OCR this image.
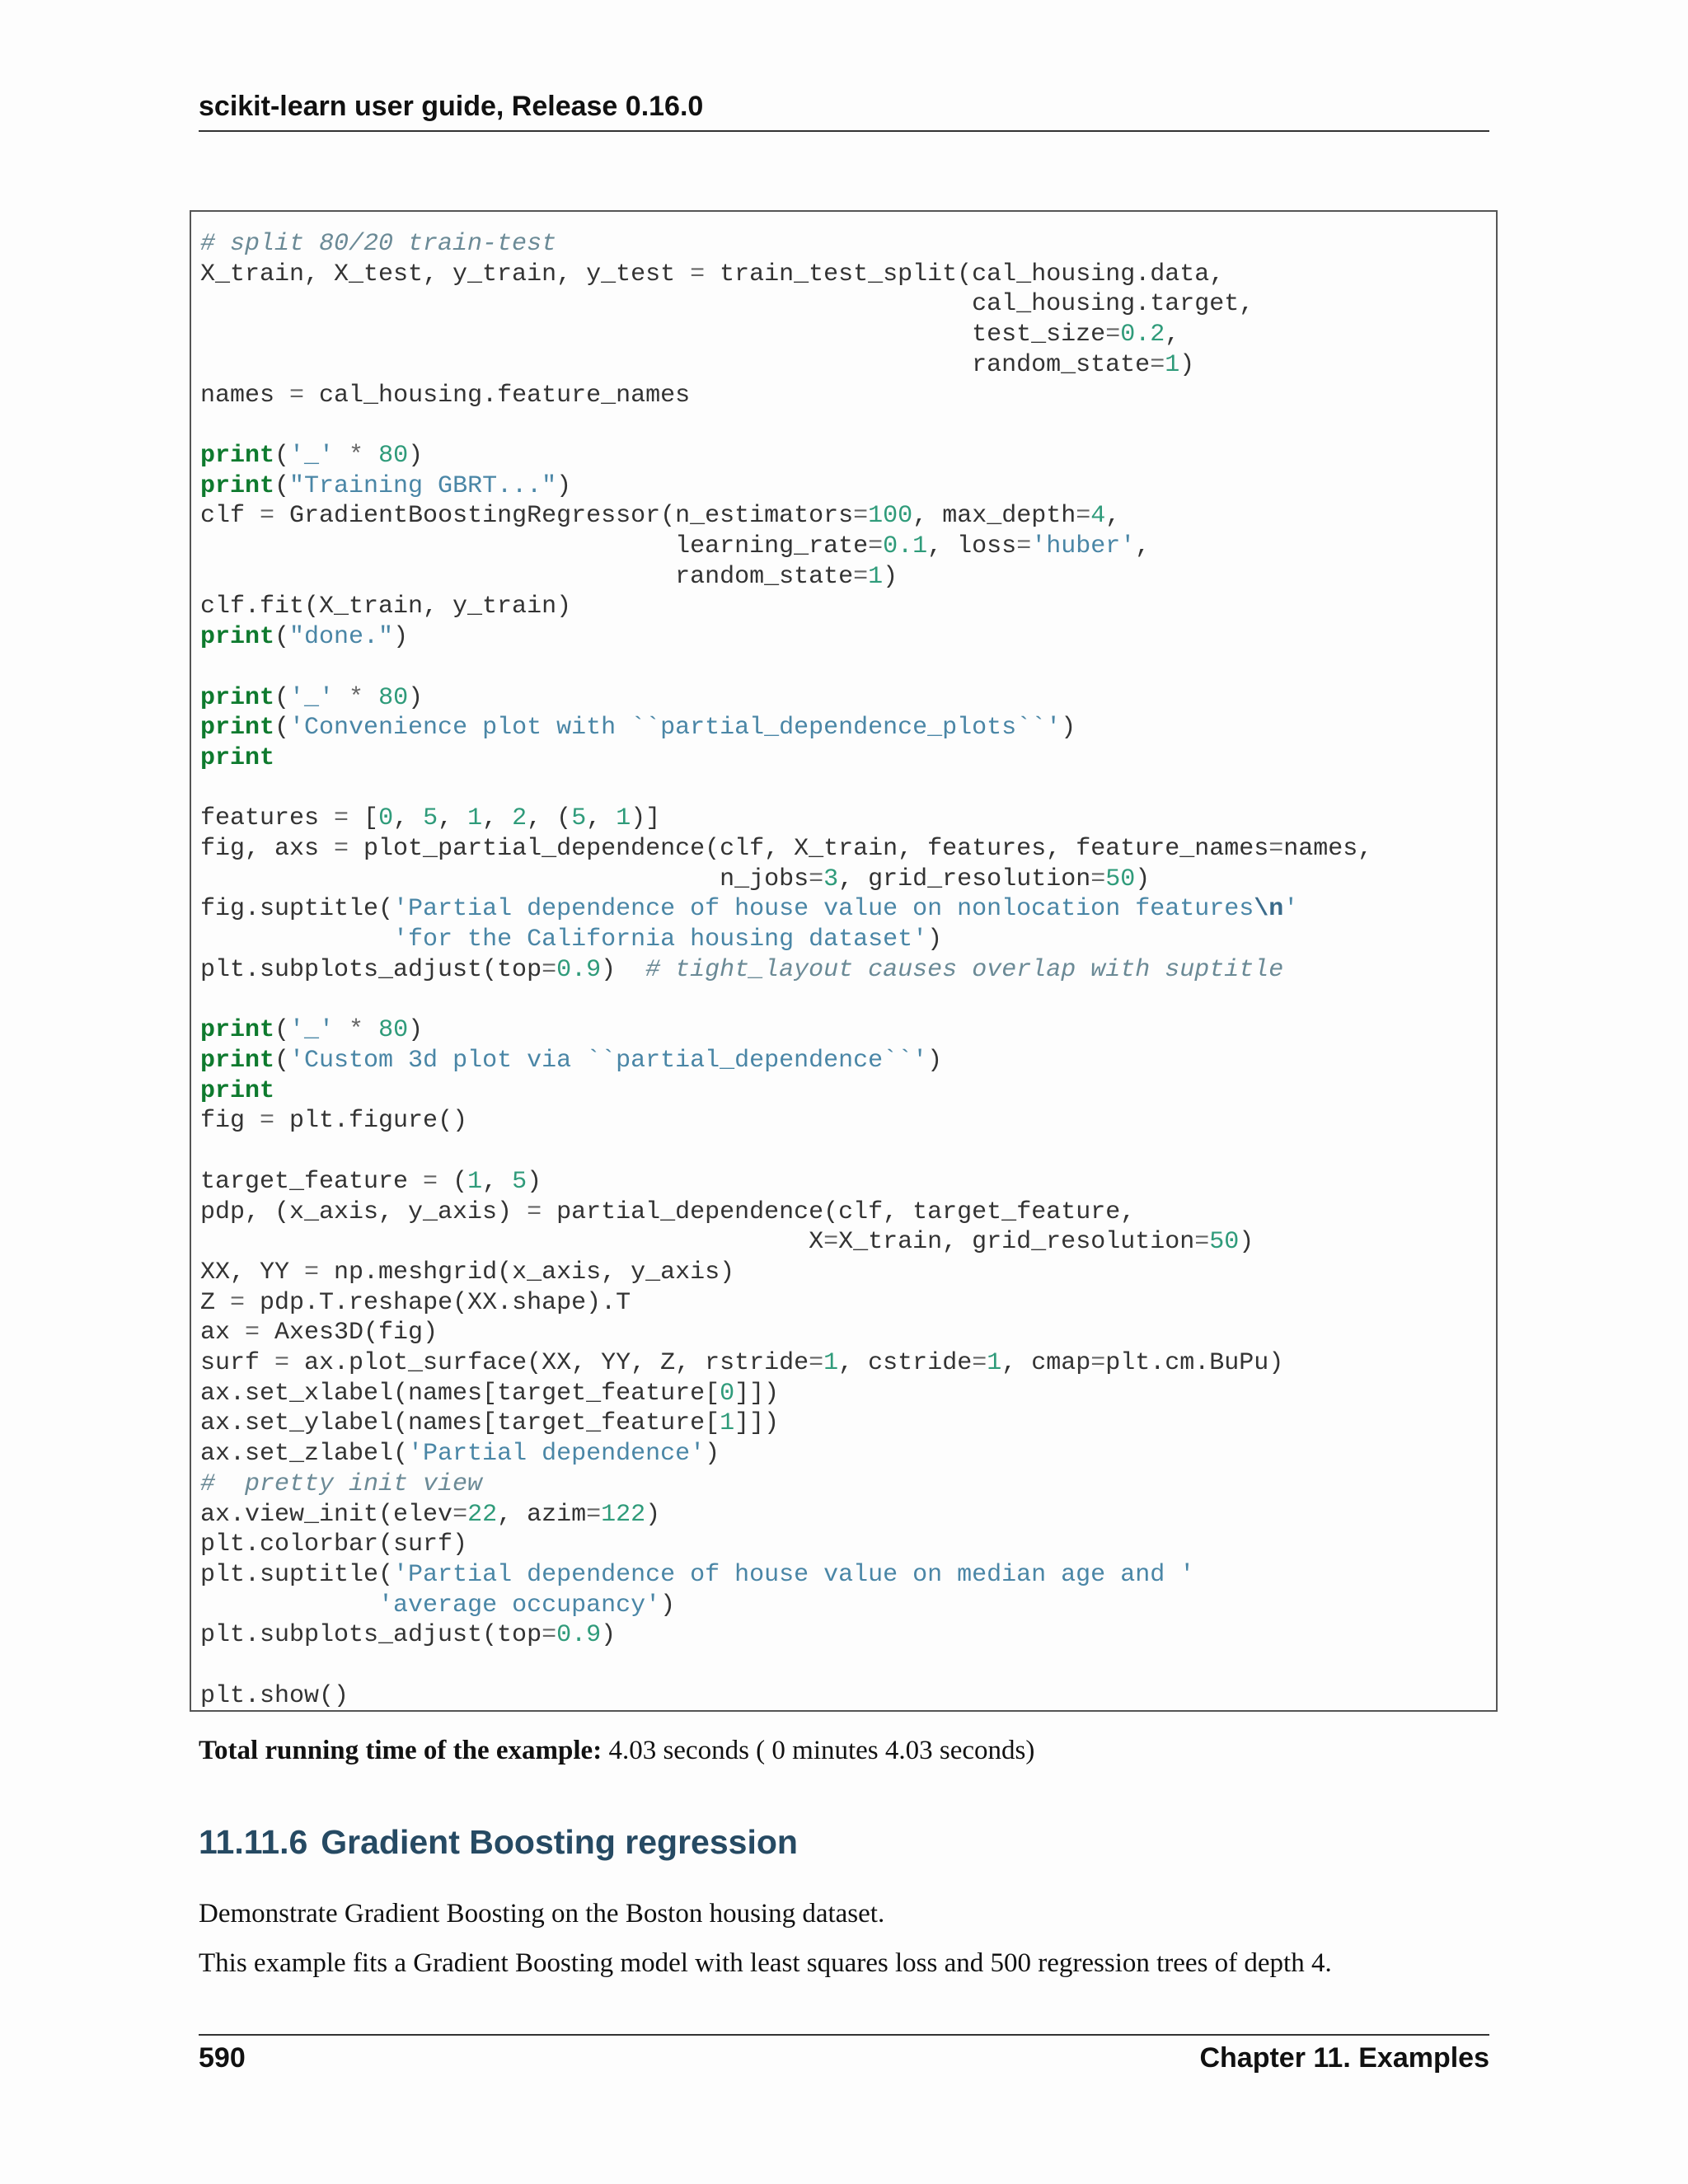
scikit-learn user guide, Release 0.16.0
# split 80/20 train-test
X_train, X_test, y_train, y_test = train_test_split(cal_housing.data,
cal_housing.target,
test_size=0.2,
random_state=1)
names = cal_housing.feature_names

print('_' * 80)
print("Training GBRT...")
clf = GradientBoostingRegressor(n_estimators=100, max_depth=4,
learning_rate=0.1, loss='huber',
random_state=1)
clf.fit(X_train, y_train)
print("done.")

print('_' * 80)
print('Convenience plot with ``partial_dependence_plots``')
print

features = [0, 5, 1, 2, (5, 1)]
fig, axs = plot_partial_dependence(clf, X_train, features, feature_names=names,
n_jobs=3, grid_resolution=50)
fig.suptitle('Partial dependence of house value on nonlocation features\n'
'for the California housing dataset')
plt.subplots_adjust(top=0.9)  # tight_layout causes overlap with suptitle

print('_' * 80)
print('Custom 3d plot via ``partial_dependence``')
print
fig = plt.figure()

target_feature = (1, 5)
pdp, (x_axis, y_axis) = partial_dependence(clf, target_feature,
X=X_train, grid_resolution=50)
XX, YY = np.meshgrid(x_axis, y_axis)
Z = pdp.T.reshape(XX.shape).T
ax = Axes3D(fig)
surf = ax.plot_surface(XX, YY, Z, rstride=1, cstride=1, cmap=plt.cm.BuPu)
ax.set_xlabel(names[target_feature[0]])
ax.set_ylabel(names[target_feature[1]])
ax.set_zlabel('Partial dependence')
#  pretty init view
ax.view_init(elev=22, azim=122)
plt.colorbar(surf)
plt.suptitle('Partial dependence of house value on median age and '
'average occupancy')
plt.subplots_adjust(top=0.9)

plt.show()

Total running time of the example: 4.03 seconds ( 0 minutes 4.03 seconds)

11.11.6 Gradient Boosting regression

Demonstrate Gradient Boosting on the Boston housing dataset.

This example fits a Gradient Boosting model with least squares loss and 500 regression trees of depth 4.

590	Chapter 11. Examples
